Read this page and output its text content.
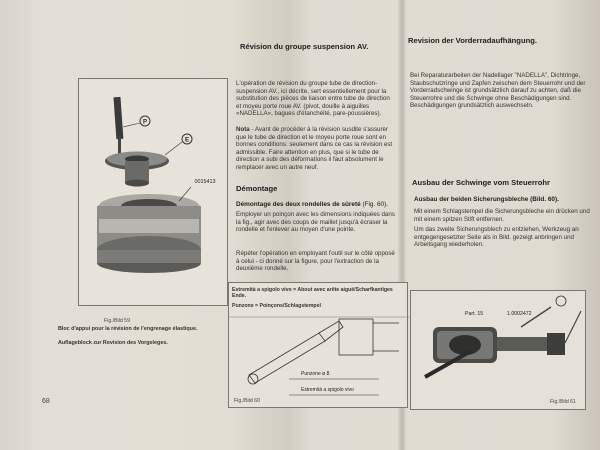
P
E
0015413
Fig./Bild 59
Bloc d'appui pour la révision de l'engrenage élastique.
Auflageblock zur Revision des Vorgeleges.
Révision du groupe suspension AV.
L'opération de révision du groupe tube de direction-suspension AV., ici décrite, sert essentiellement pour la substitution des pièces de liaison entre tube de direction et moyeu porte roue AV. (pivot, douille à aiguilles «NADELLA», bagues d'étanchéité, pare-poussières).
Nota - Avant de procéder à la révision susdite s'assurer que le tube de direction et le moyeu porte roue sont en bonnes conditions: seulement dans ce cas la révision est admissible. Faire attention en plus, que si le tube de direction a subi des déformations il faut absolument le remplacer avec un autre neuf.
Démontage
Démontage des deux rondelles de sûreté (Fig. 60).
Employer un poinçon avec les dimensions indiquées dans la fig., agir avec des coups de maillet jusqu'à écraser la rondelle et l'enlever au moyen d'une pointe.
Répéter l'opération en employant l'outil sur le côté opposé à celui - ci donné sur la figure, pour l'extraction de la deuxième rondelle.
Revision der Vorderradaufhängung.
Bei Reparaturarbeiten der Nadellager "NADELLA", Dichtringe, Staubschutzringe und Zapfen zwischen dem Steuerrohr und der Vorderradschwinge ist grundsätzlich darauf zu achten, daß die Steuerrohre und die Schwinge ohne Beschädigungen sind. Beschädigungen grundsätzlich auswechseln.
Ausbau der Schwinge vom Steuerrohr
Ausbau der beiden Sicherungsbleche (Bild. 60).
Mit einem Schlagstempel die Sicherungsbleche ein drücken und mit einem spitzen Stift entfernen.
Um das zweite Sicherungsblech zu entziehen, Werkzeug an entgegengesetzter Seite als in Bild. gezeigt anbringen und Arbeitsgang wiederholen.
Punzone ø 8
Estremità a spigolo vivo
Estremità a spigolo vivo = About avec arête aiguë/Scharfkantiges Ende.
Punzone = Poinçons/Schlagstempel
Fig./Bild 60
Part. 15	1.0002472
Fig./Bild 61
68
